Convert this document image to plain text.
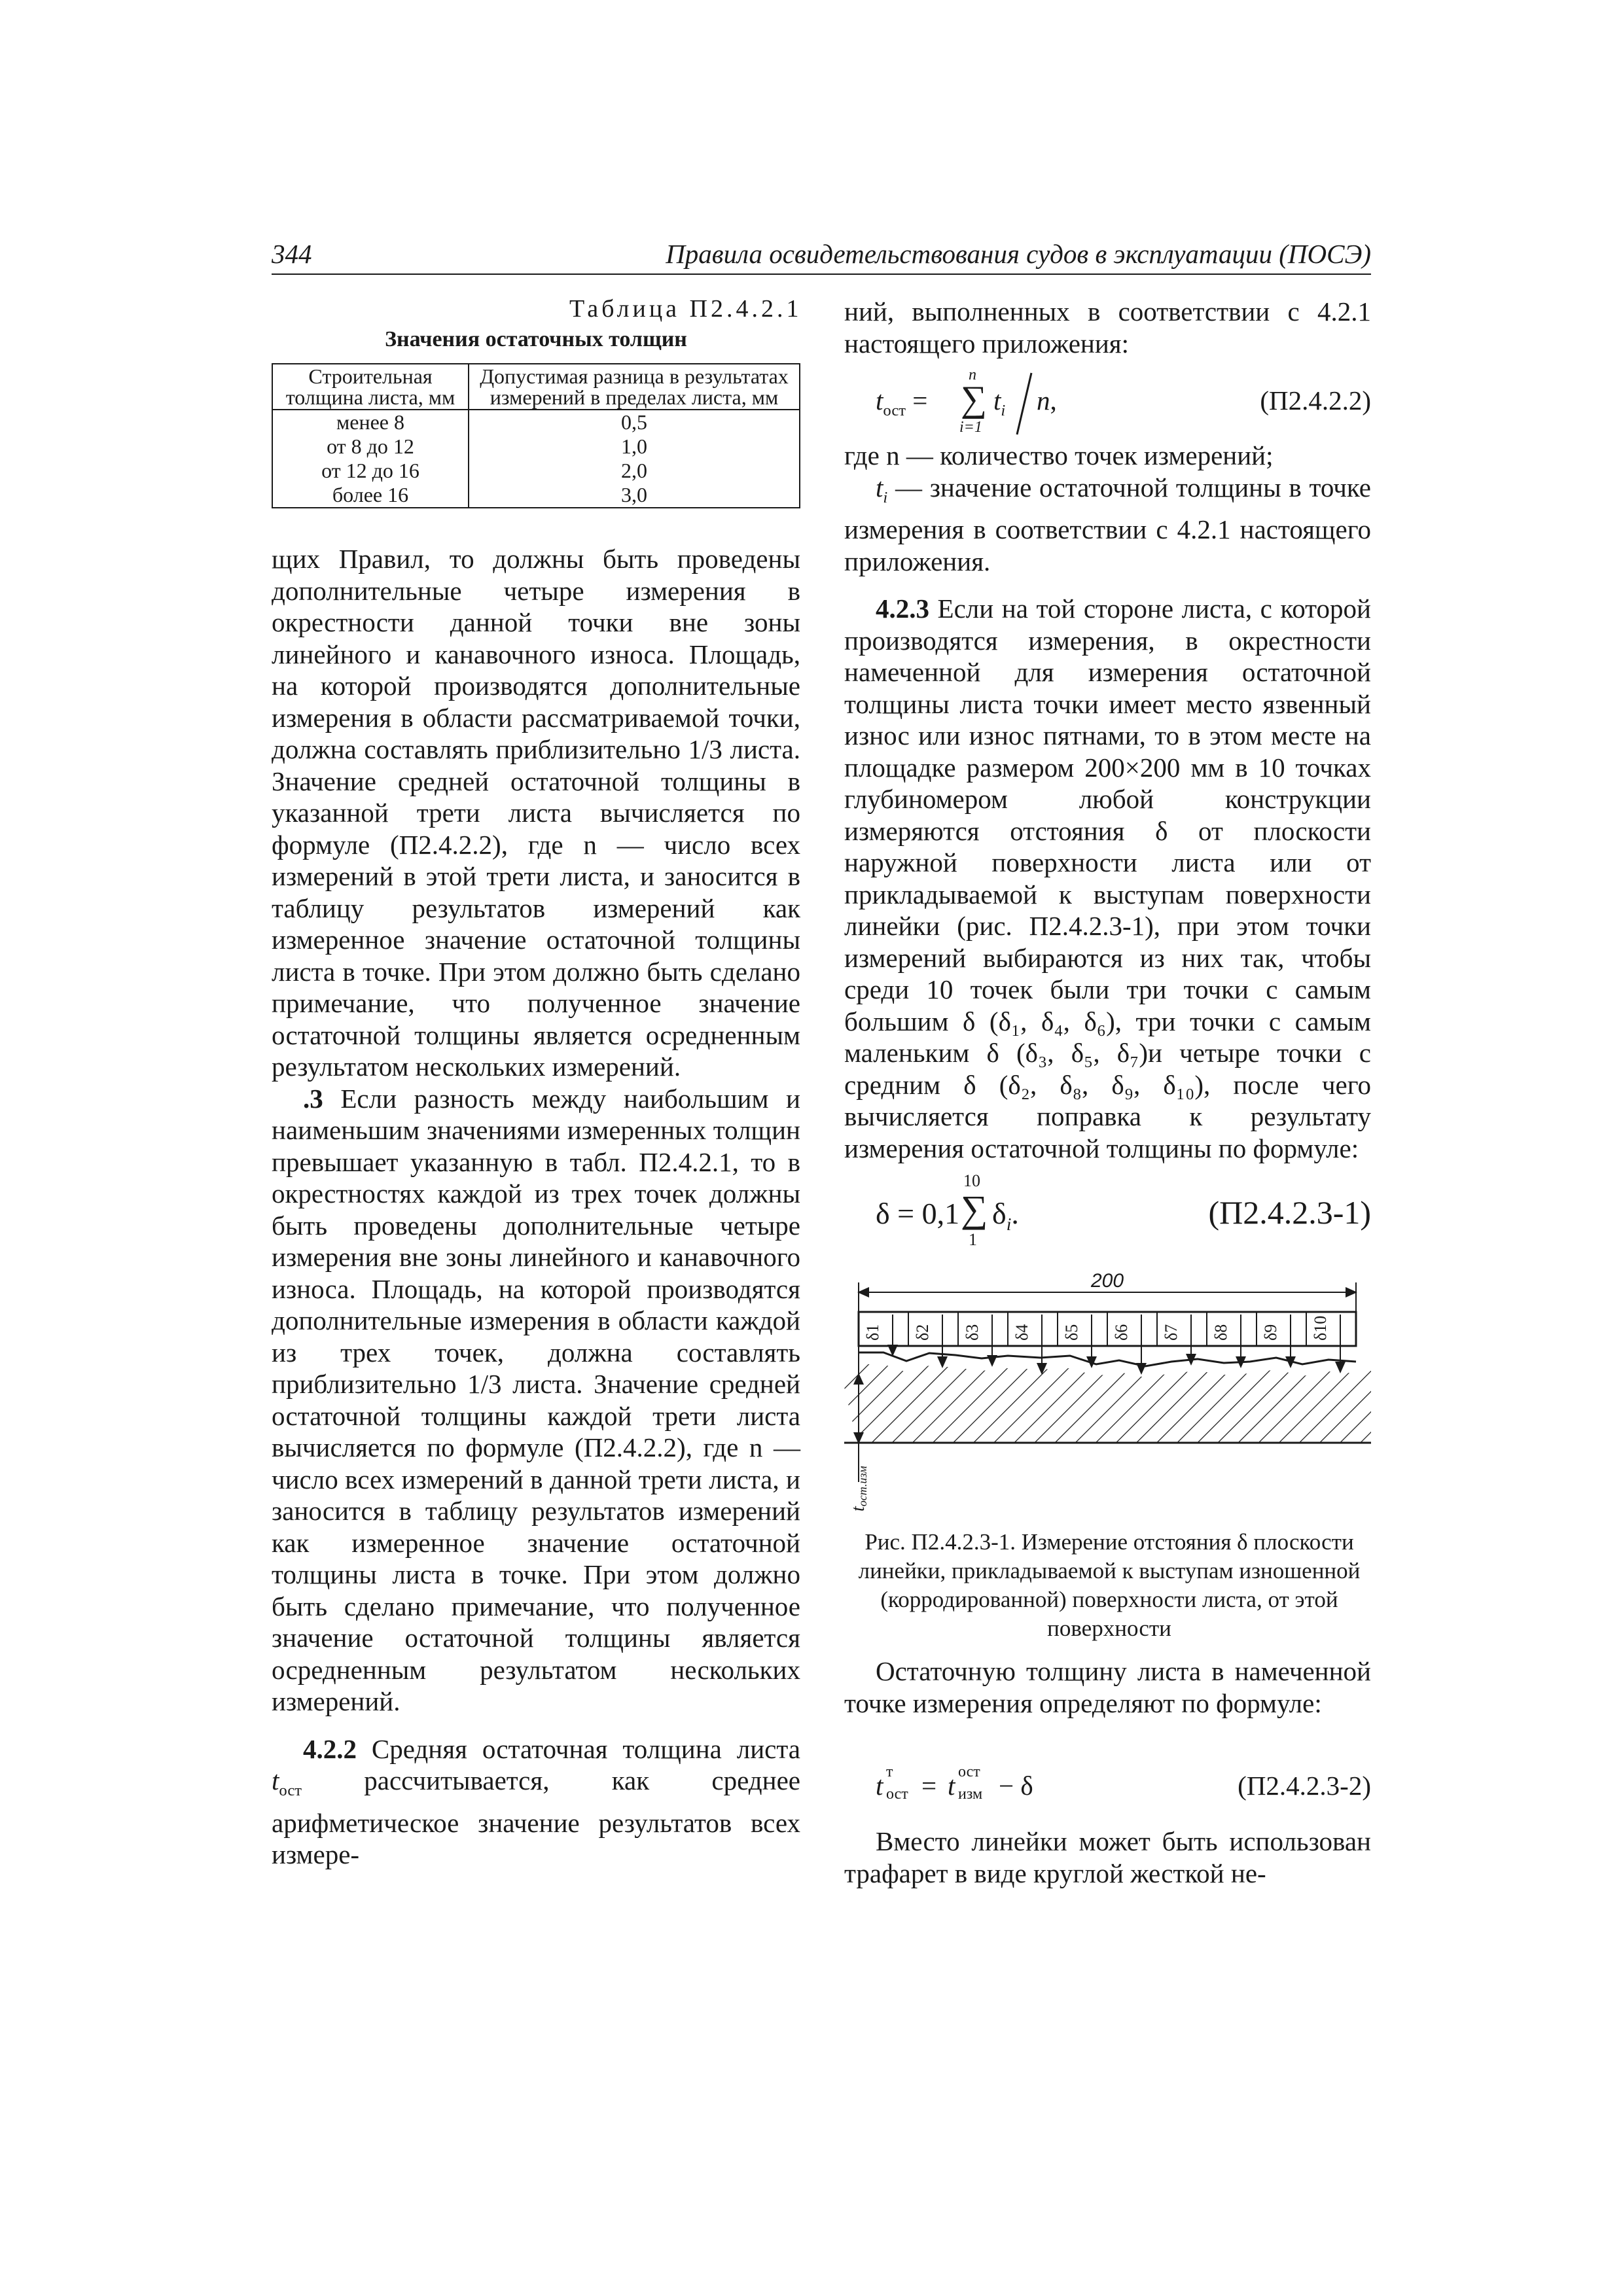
344	Правила освидетельствования судов в эксплуатации (ПОСЭ)
Таблица П2.4.2.1
Значения остаточных толщин
Строительная толщина листа, мм	Допустимая разница в результатах измерений в пределах листа, мм
менее 8	0,5
от 8 до 12	1,0
от 12 до 16	2,0
более 16	3,0

щих Правил, то должны быть проведены дополнительные четыре измерения в окрестности данной точки вне зоны линейного и канавочного износа. Площадь, на которой производятся дополнительные измерения в области рассматриваемой точки, должна составлять приблизительно 1/3 листа. Значение средней остаточной толщины в указанной трети листа вычисляется по формуле (П2.4.2.2), где n — число всех измерений в этой трети листа, и заносится в таблицу результатов измерений как измеренное значение остаточной толщины листа в точке. При этом должно быть сделано примечание, что полученное значение остаточной толщины является осредненным результатом нескольких измерений.

.3 Если разность между наибольшим и наименьшим значениями измеренных толщин превышает указанную в табл. П2.4.2.1, то в окрестностях каждой из трех точек должны быть проведены дополнительные четыре измерения вне зоны линейного и канавочного износа. Площадь, на которой производятся дополнительные измерения в области каждой из трех точек, должна составлять приблизительно 1/3 листа. Значение средней остаточной толщины каждой трети листа вычисляется по формуле (П2.4.2.2), где n — число всех измерений в данной трети листа, и заносится в таблицу результатов измерений как измеренное значение остаточной толщины листа в точке. При этом должно быть сделано примечание, что полученное значение остаточной толщины является осредненным результатом нескольких измерений.

4.2.2 Средняя остаточная толщина листа $t_{ост}$ рассчитывается, как среднее арифметическое значение результатов всех измере-

ний, выполненных в соответствии с 4.2.1 настоящего приложения:

$t_{ост}$ =
n
∑
i=1
$t_i$ n,	(П2.4.2.2)

где n — количество точек измерений;

$t_i$ — значение остаточной толщины в точке измерения в соответствии с 4.2.1 настоящего приложения.

4.2.3 Если на той стороне листа, с которой производятся измерения, в окрестности намеченной для измерения остаточной толщины листа точки имеет место язвенный износ или износ пятнами, то в этом месте на площадке размером 200×200 мм в 10 точках глубиномером любой конструкции измеряются отстояния δ от плоскости наружной поверхности листа или от прикладываемой к выступам поверхности линейки (рис. П2.4.2.3-1), при этом точки измерений выбираются из них так, чтобы среди 10 точек были три точки с самым большим δ (δ₁, δ₄, δ₆), три точки с самым маленьким δ (δ₃, δ₅, δ₇)и четыре точки с средним δ (δ₂, δ₈, δ₉, δ₁₀), после чего вычисляется поправка к результату измерения остаточной толщины по формуле:

δ = 0,1
10
∑
1
$\delta_i$.	(П2.4.2.3-1)
200
tост.изм
δ1 δ2 δ3 δ4 δ5 δ6 δ7 δ8 δ9 δ10
Рис. П2.4.2.3-1. Измерение отстояния δ плоскости линейки, прикладываемой к выступам изношенной (корродированной) поверхности листа, от этой поверхности

Остаточную толщину листа в намеченной точке измерения определяют по формуле:

t т
ост = t ост
изм − δ	(П2.4.2.3-2)

Вместо линейки может быть использован трафарет в виде круглой жесткой не-
